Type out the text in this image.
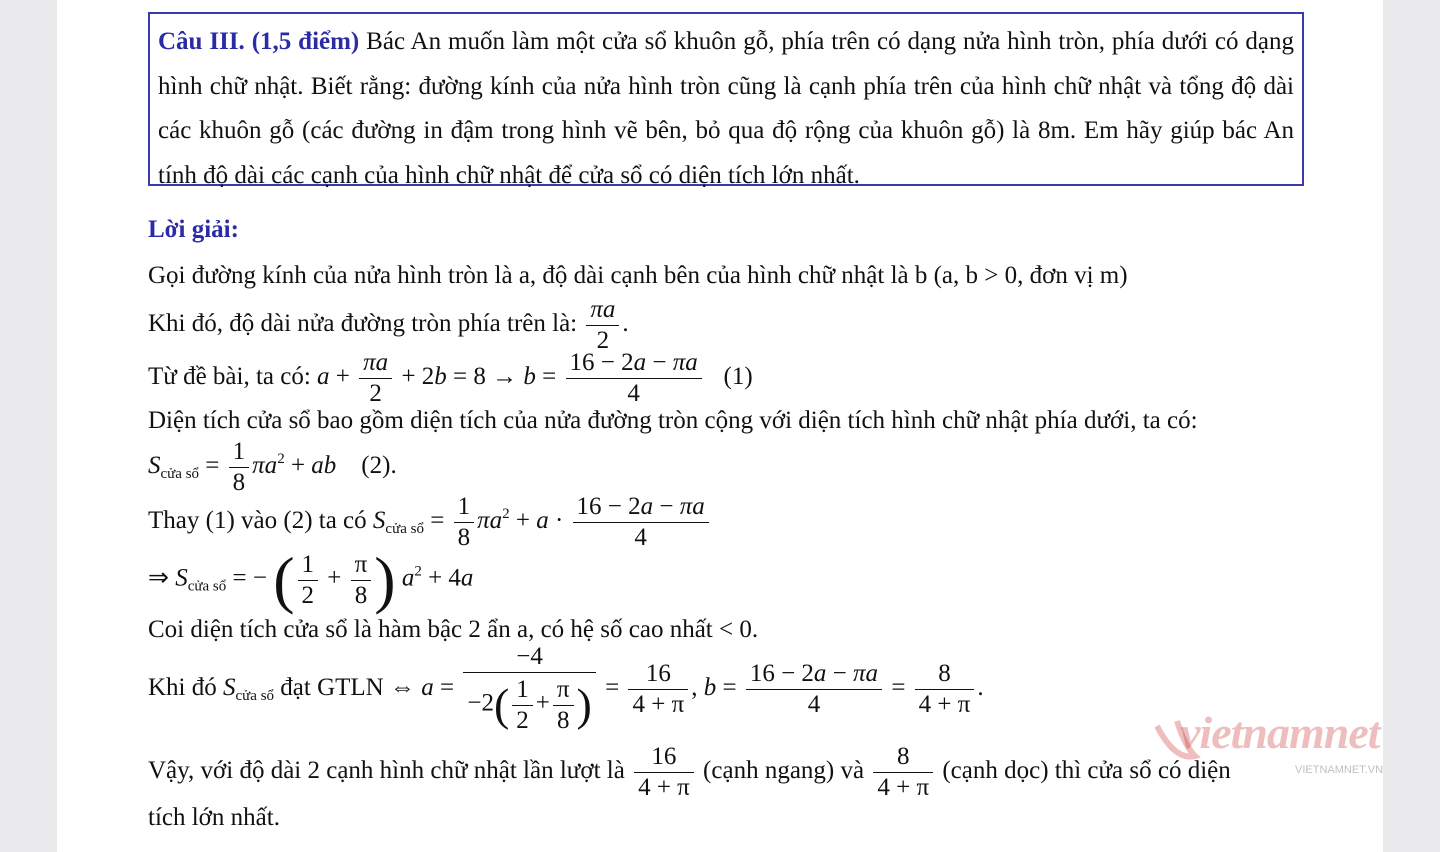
Câu III. (1,5 điểm) Bác An muốn làm một cửa sổ khuôn gỗ, phía trên có dạng nửa hình tròn, phía dưới có dạng hình chữ nhật. Biết rằng: đường kính của nửa hình tròn cũng là cạnh phía trên của hình chữ nhật và tổng độ dài các khuôn gỗ (các đường in đậm trong hình vẽ bên, bỏ qua độ rộng của khuôn gỗ) là 8m. Em hãy giúp bác An tính độ dài các cạnh của hình chữ nhật để cửa sổ có diện tích lớn nhất.
Lời giải:
Gọi đường kính của nửa hình tròn là a, độ dài cạnh bên của hình chữ nhật là b (a, b > 0, đơn vị m)
Khi đó, độ dài nửa đường tròn phía trên là: $\frac{\pi a}{2}$ .
Từ đề bài, ta có: $a + \frac{\pi a}{2} + 2b = 8 \to b = \frac{16 - 2a - \pi a}{4} (1)$
Diện tích cửa sổ bao gồm diện tích của nửa đường tròn cộng với diện tích hình chữ nhật phía dưới, ta có:
$S_{cửa sổ} = \frac{1}{8} \pi a^2$ + ab (2).
Thay (1) vào (2) ta có $S_{cửa sổ} = \frac{1}{8} \pi a^2 + a \cdot \frac{16 - 2a - \pi a}{4}$
⇒ $S_{cửa sổ}$ = − ( $\frac{1}{2} + \frac{\pi}{8}$ ) $a^2 + 4a$
Coi diện tích cửa sổ là hàm bậc 2 ẩn a, có hệ số cao nhất < 0.
Khi đó $S_{cửa sổ}$ đạt GTLN ⇔ $a = \frac{-4}{-2( \frac{1}{2} + \frac{\pi}{8} )} = \frac{16}{4 + \pi}$ , $b = \frac{16 - 2a - \pi a}{4} = \frac{8}{4 + \pi}$ .
Vậy, với độ dài 2 cạnh hình chữ nhật lần lượt là $\frac{16}{4 + \pi}$ (cạnh ngang) và $\frac{8}{4 + \pi}$ (cạnh dọc) thì cửa sổ có diện
tích lớn nhất.
vietnamnet
VIETNAMNET.VN
